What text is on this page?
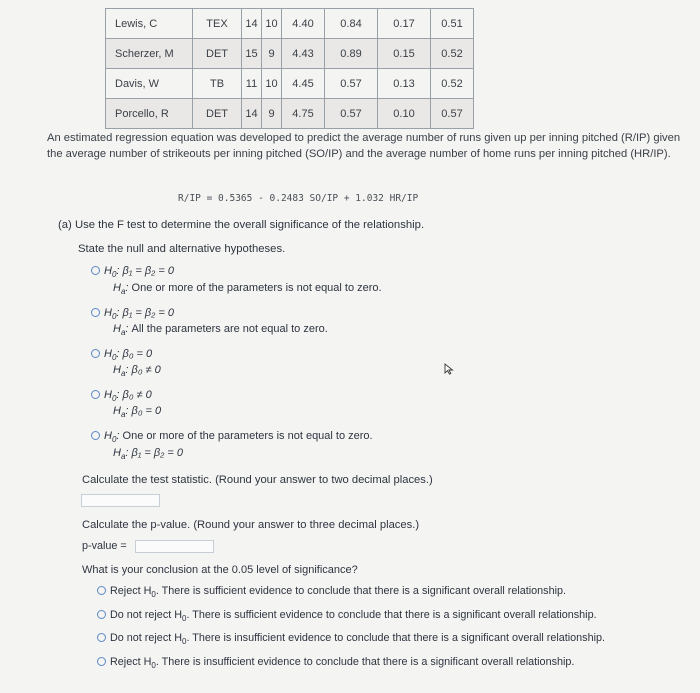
Lewis, C	TEX	14	10	4.40	0.84	0.17	0.51
Scherzer, M	DET	15	9	4.43	0.89	0.15	0.52
Davis, W	TB	11	10	4.45	0.57	0.13	0.52
Porcello, R	DET	14	9	4.75	0.57	0.10	0.57
An estimated regression equation was developed to predict the average number of runs given up per inning pitched (R/IP) given the average number of strikeouts per inning pitched (SO/IP) and the average number of home runs per inning pitched (HR/IP).
R/IP = 0.5365 - 0.2483 SO/IP + 1.032 HR/IP
(a) Use the F test to determine the overall significance of the relationship.
State the null and alternative hypotheses.
$H_0$: β₁ = β₂ = 0
$H_a$: One or more of the parameters is not equal to zero.
$H_0$: β₁ = β₂ = 0
$H_a$: All the parameters are not equal to zero.
$H_0$: β₀ = 0
$H_a$: β₀ ≠ 0
$H_0$: β₀ ≠ 0
$H_a$: β₀ = 0
$H_0$: One or more of the parameters is not equal to zero.
$H_a$: β₁ = β₂ = 0
Calculate the test statistic. (Round your answer to two decimal places.)
Calculate the p-value. (Round your answer to three decimal places.)
p-value =
What is your conclusion at the 0.05 level of significance?
Reject $H_0$. There is sufficient evidence to conclude that there is a significant overall relationship.
Do not reject $H_0$. There is sufficient evidence to conclude that there is a significant overall relationship.
Do not reject $H_0$. There is insufficient evidence to conclude that there is a significant overall relationship.
Reject $H_0$. There is insufficient evidence to conclude that there is a significant overall relationship.
